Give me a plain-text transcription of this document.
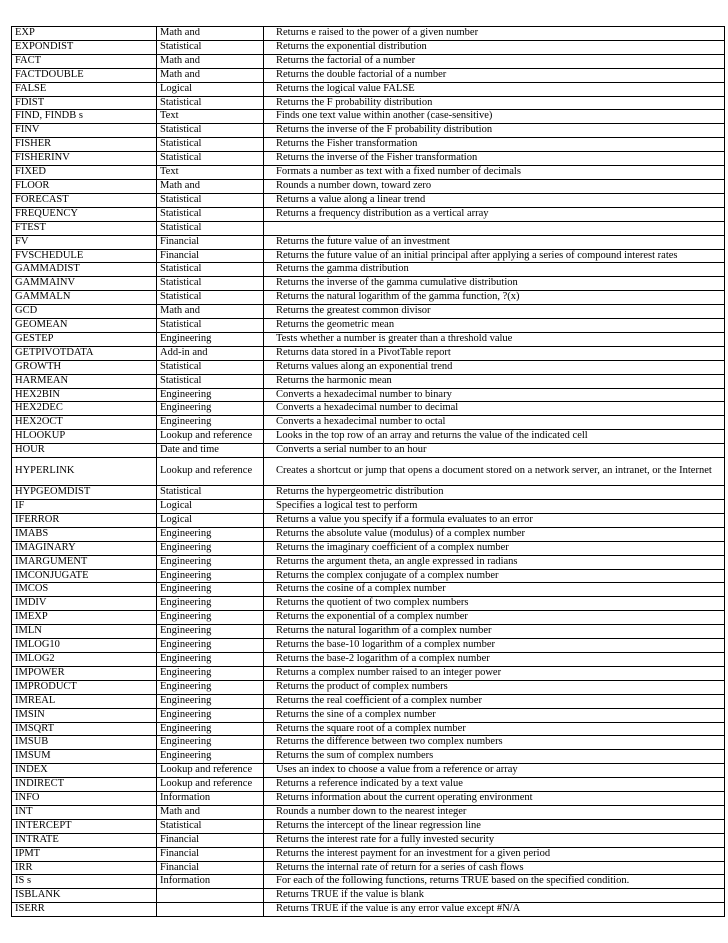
EXP	Math and	Returns e raised to the power of a given number
EXPONDIST	Statistical	Returns the exponential distribution
FACT	Math and	Returns the factorial of a number
FACTDOUBLE	Math and	Returns the double factorial of a number
FALSE	Logical	Returns the logical value FALSE
FDIST	Statistical	Returns the F probability distribution
FIND, FINDB s	Text	Finds one text value within another (case-sensitive)
FINV	Statistical	Returns the inverse of the F probability distribution
FISHER	Statistical	Returns the Fisher transformation
FISHERINV	Statistical	Returns the inverse of the Fisher transformation
FIXED	Text	Formats a number as text with a fixed number of decimals
FLOOR	Math and	Rounds a number down, toward zero
FORECAST	Statistical	Returns a value along a linear trend
FREQUENCY	Statistical	Returns a frequency distribution as a vertical array
FTEST	Statistical	
FV	Financial	Returns the future value of an investment
FVSCHEDULE	Financial	Returns the future value of an initial principal after applying a series of compound interest rates
GAMMADIST	Statistical	Returns the gamma distribution
GAMMAINV	Statistical	Returns the inverse of the gamma cumulative distribution
GAMMALN	Statistical	Returns the natural logarithm of the gamma function, ?(x)
GCD	Math and	Returns the greatest common divisor
GEOMEAN	Statistical	Returns the geometric mean
GESTEP	Engineering	Tests whether a number is greater than a threshold value
GETPIVOTDATA	Add-in and	Returns data stored in a PivotTable report
GROWTH	Statistical	Returns values along an exponential trend
HARMEAN	Statistical	Returns the harmonic mean
HEX2BIN	Engineering	Converts a hexadecimal number to binary
HEX2DEC	Engineering	Converts a hexadecimal number to decimal
HEX2OCT	Engineering	Converts a hexadecimal number to octal
HLOOKUP	Lookup and reference	Looks in the top row of an array and returns the value of the indicated cell
HOUR	Date and time	Converts a serial number to an hour
HYPERLINK	Lookup and reference	Creates a shortcut or jump that opens a document stored on a network server, an intranet, or the Internet
HYPGEOMDIST	Statistical	Returns the hypergeometric distribution
IF	Logical	Specifies a logical test to perform
IFERROR	Logical	Returns a value you specify if a formula evaluates to an error
IMABS	Engineering	Returns the absolute value (modulus) of a complex number
IMAGINARY	Engineering	Returns the imaginary coefficient of a complex number
IMARGUMENT	Engineering	Returns the argument theta, an angle expressed in radians
IMCONJUGATE	Engineering	Returns the complex conjugate of a complex number
IMCOS	Engineering	Returns the cosine of a complex number
IMDIV	Engineering	Returns the quotient of two complex numbers
IMEXP	Engineering	Returns the exponential of a complex number
IMLN	Engineering	Returns the natural logarithm of a complex number
IMLOG10	Engineering	Returns the base-10 logarithm of a complex number
IMLOG2	Engineering	Returns the base-2 logarithm of a complex number
IMPOWER	Engineering	Returns a complex number raised to an integer power
IMPRODUCT	Engineering	Returns the product of complex numbers
IMREAL	Engineering	Returns the real coefficient of a complex number
IMSIN	Engineering	Returns the sine of a complex number
IMSQRT	Engineering	Returns the square root of a complex number
IMSUB	Engineering	Returns the difference between two complex numbers
IMSUM	Engineering	Returns the sum of complex numbers
INDEX	Lookup and reference	Uses an index to choose a value from a reference or array
INDIRECT	Lookup and reference	Returns a reference indicated by a text value
INFO	Information	Returns information about the current operating environment
INT	Math and	Rounds a number down to the nearest integer
INTERCEPT	Statistical	Returns the intercept of the linear regression line
INTRATE	Financial	Returns the interest rate for a fully invested security
IPMT	Financial	Returns the interest payment for an investment for a given period
IRR	Financial	Returns the internal rate of return for a series of cash flows
IS s	Information	For each of the following functions, returns TRUE based on the specified condition.
ISBLANK		Returns TRUE if the value is blank
ISERR		Returns TRUE if the value is any error value except #N/A
